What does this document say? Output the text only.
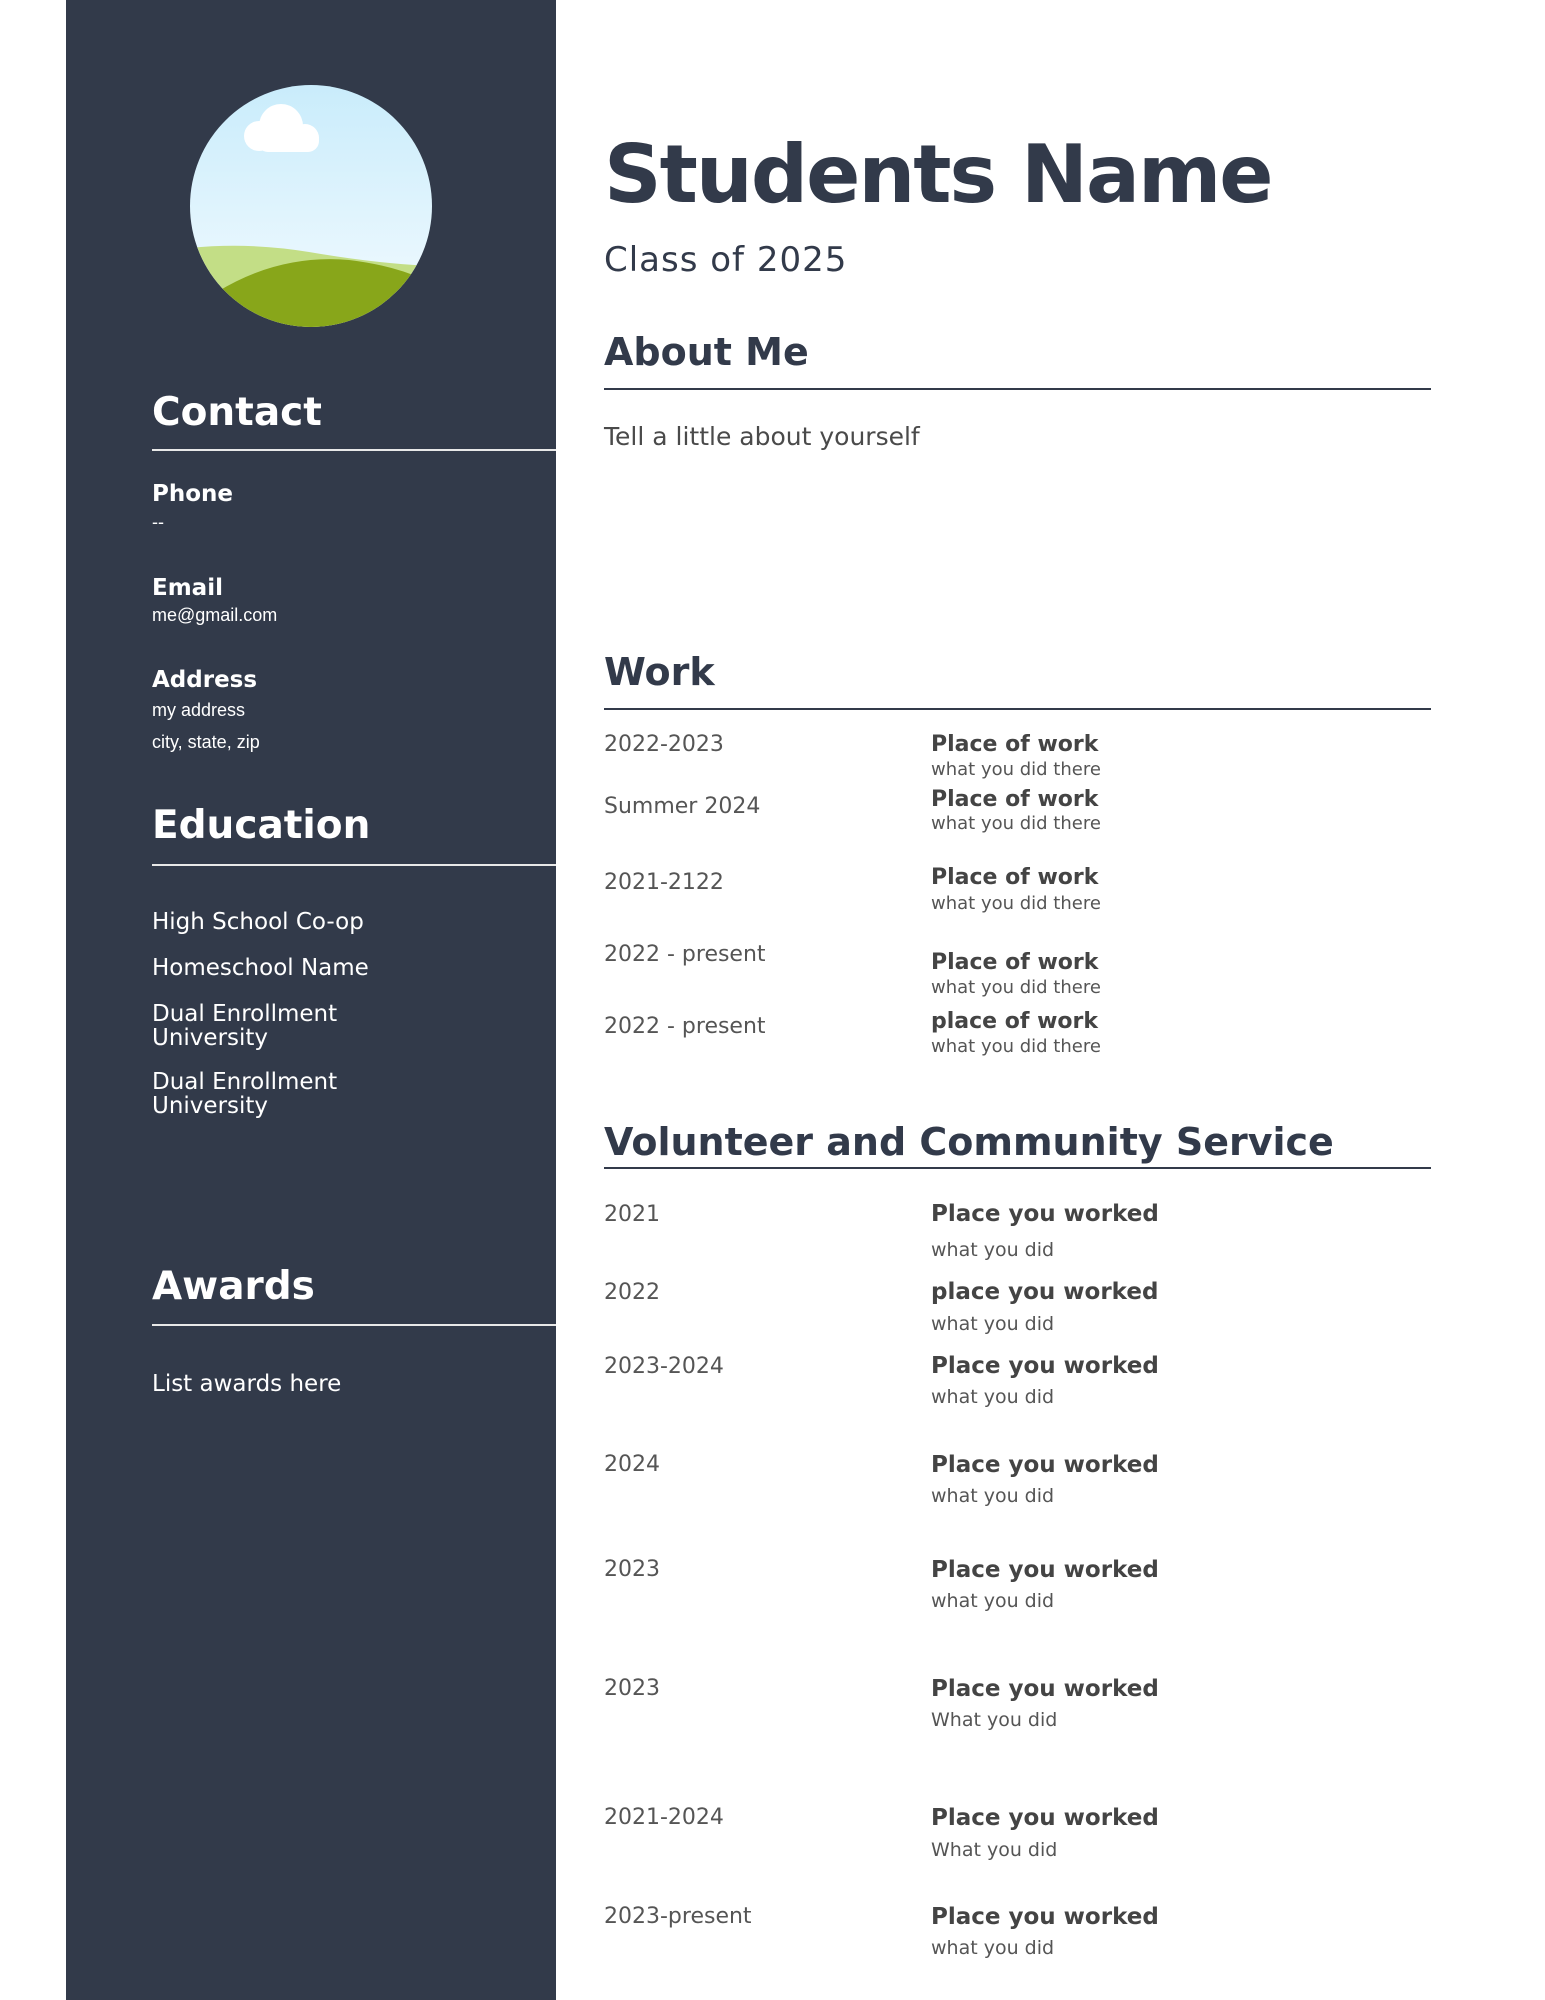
Contact
Phone
--
Email
me@gmail.com
Address
my address
city, state, zip
Education
High School Co-op
Homeschool Name
Dual Enrollment University
Dual Enrollment University
Awards
List awards here
Students Name
Class of 2025
About Me
Tell a little about yourself
Work
2022-2023	Place of work
what you did there
Summer 2024	Place of work
what you did there
2021-2122	Place of work
what you did there
2022 - present	Place of work
what you did there
2022 - present	place of work
what you did there
Volunteer and Community Service
2021	Place you worked
what you did
2022	place you worked
what you did
2023-2024	Place you worked
what you did
2024	Place you worked
what you did
2023	Place you worked
what you did
2023	Place you worked
What you did
2021-2024	Place you worked
What you did
2023-present	Place you worked
what you did
